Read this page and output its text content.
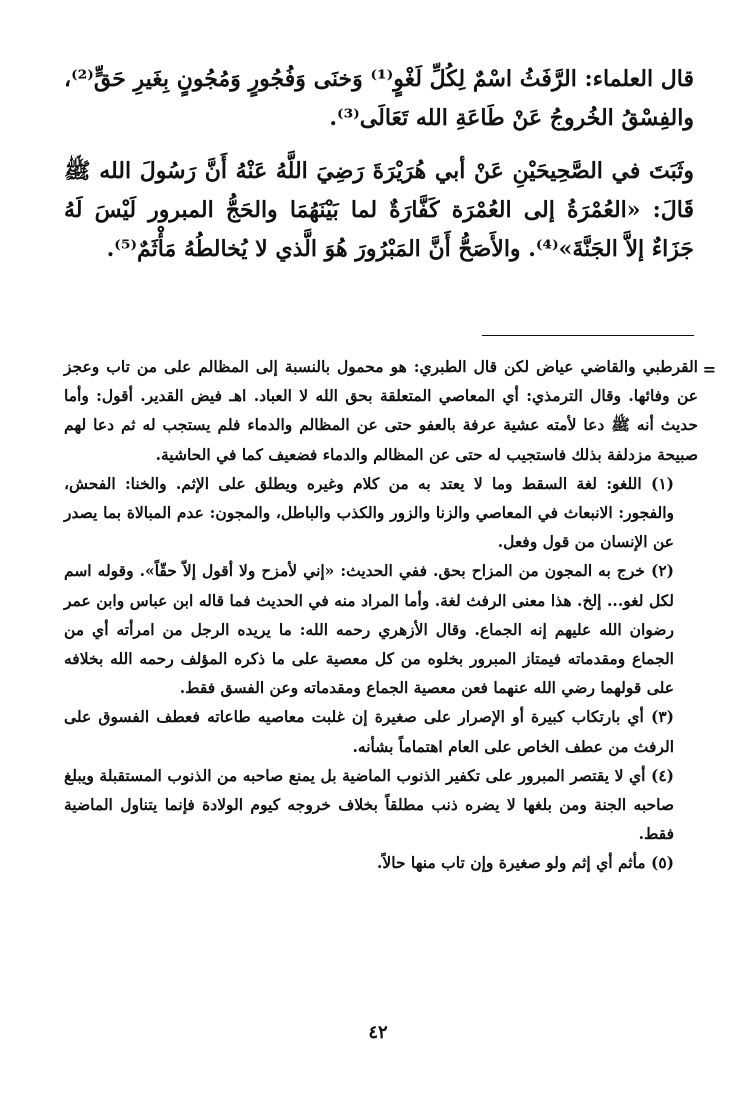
قال العلماء: الرَّفَثُ اسْمٌ لِكُلِّ لَغْوٍ⁽¹⁾ وَخنَى وَفُجُورٍ وَمُجُونٍ بِغَيرِ حَقٍّ⁽²⁾، والفِسْقُ الخُروجُ عَنْ طَاعَةِ الله تَعَالَى⁽³⁾.

وثَبَتَ في الصَّحِيحَيْنِ عَنْ أبي هُرَيْرَةَ رَضِيَ اللَّهُ عَنْهُ أَنَّ رَسُولَ الله ﷺ قَالَ: «العُمْرَةُ إلى العُمْرَة كَفَّارَةٌ لما بَيْنَهُمَا والحَجُّ المبرور لَيْسَ لَهُ جَزَاءٌ إلاَّ الجَنَّةَ»⁽⁴⁾. والأَصَحُّ أَنَّ المَبْرُورَ هُوَ الَّذي لا يُخالطُهُ مَأْثَمٌ⁽⁵⁾.

=

القرطبي والقاضي عياض لكن قال الطبري: هو محمول بالنسبة إلى المظالم على من تاب وعجز عن وفائها. وقال الترمذي: أي المعاصي المتعلقة بحق الله لا العباد. اهـ فيض القدير. أقول: وأما حديث أنه ﷺ دعا لأمته عشية عرفة بالعفو حتى عن المظالم والدماء فلم يستجب له ثم دعا لهم صبيحة مزدلفة بذلك فاستجيب له حتى عن المظالم والدماء فضعيف كما في الحاشية.

(١) اللغو: لغة السقط وما لا يعتد به من كلام وغيره ويطلق على الإثم. والخنا: الفحش، والفجور: الانبعاث في المعاصي والزنا والزور والكذب والباطل، والمجون: عدم المبالاة بما يصدر عن الإنسان من قول وفعل.

(٢) خرج به المجون من المزاح بحق. ففي الحديث: «إني لأمزح ولا أقول إلاّ حقّاً». وقوله اسم لكل لغو... إلخ. هذا معنى الرفث لغة. وأما المراد منه في الحديث فما قاله ابن عباس وابن عمر رضوان الله عليهم إنه الجماع. وقال الأزهري رحمه الله: ما يريده الرجل من امرأته أي من الجماع ومقدماته فيمتاز المبرور بخلوه من كل معصية على ما ذكره المؤلف رحمه الله بخلافه على قولهما رضي الله عنهما فعن معصية الجماع ومقدماته وعن الفسق فقط.

(٣) أي بارتكاب كبيرة أو الإصرار على صغيرة إن غلبت معاصيه طاعاته فعطف الفسوق على الرفث من عطف الخاص على العام اهتماماً بشأنه.

(٤) أي لا يقتصر المبرور على تكفير الذنوب الماضية بل يمنع صاحبه من الذنوب المستقبلة ويبلغ صاحبه الجنة ومن بلغها لا يضره ذنب مطلقاً بخلاف خروجه كيوم الولادة فإنما يتناول الماضية فقط.

(٥) مأثم أي إثم ولو صغيرة وإن تاب منها حالاً.

٤٢
